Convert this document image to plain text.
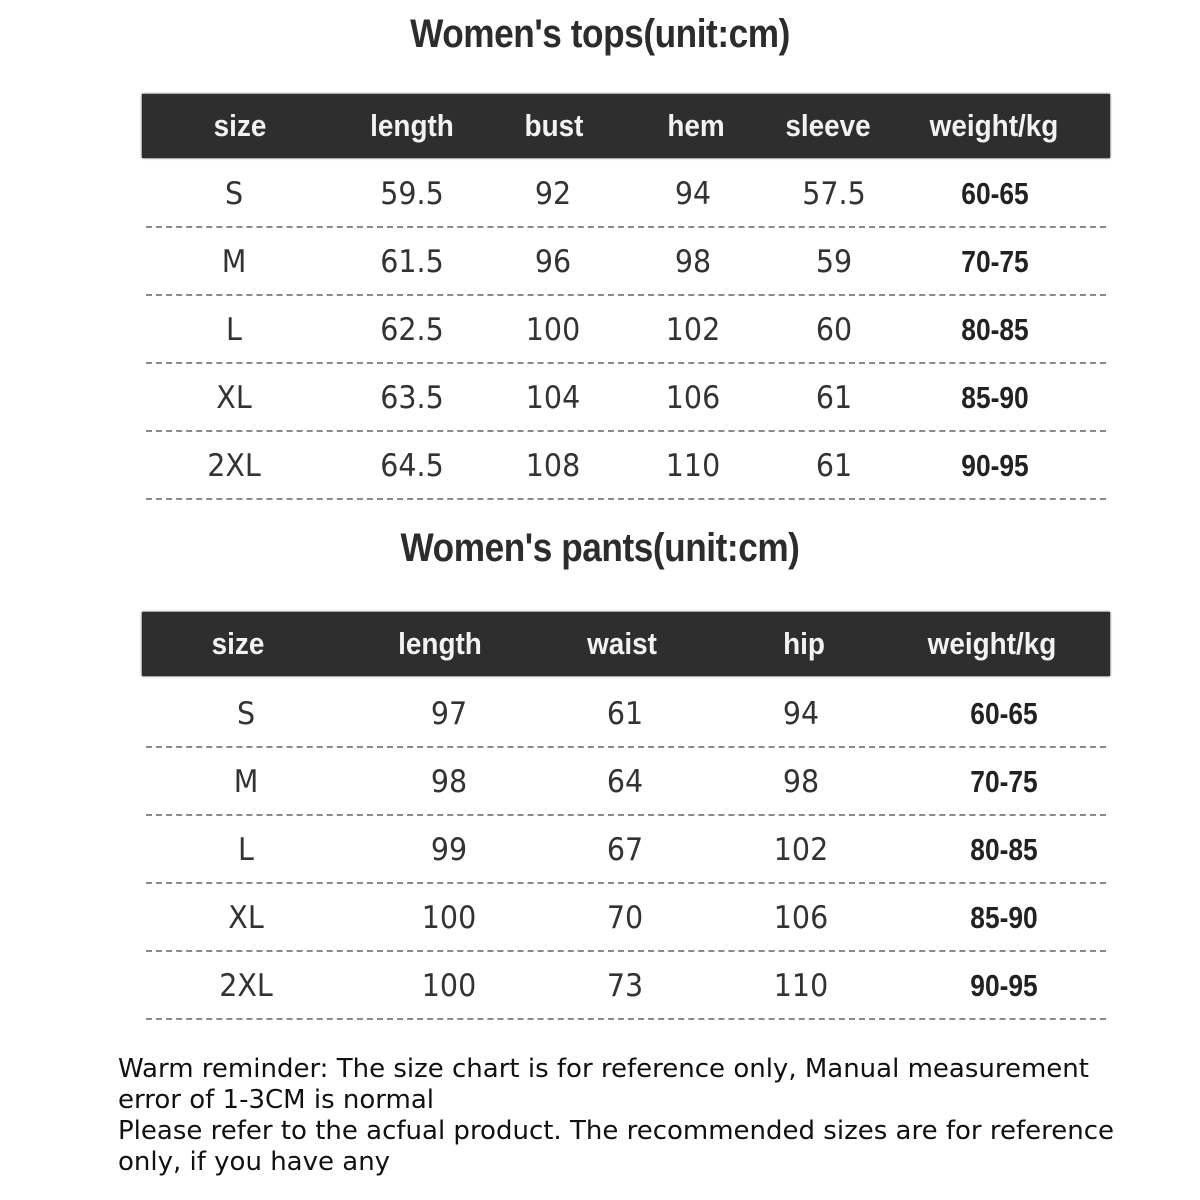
Women's tops(unit:cm)
size	length	bust	hem	sleeve	weight/kg
S	59.5	92	94	57.5	60-65
M	61.5	96	98	59	70-75
L	62.5	100	102	60	80-85
XL	63.5	104	106	61	85-90
2XL	64.5	108	110	61	90-95
Women's pants(unit:cm)
size	length	waist	hip	weight/kg
S	97	61	94	60-65
M	98	64	98	70-75
L	99	67	102	80-85
XL	100	70	106	85-90
2XL	100	73	110	90-95
Warm reminder: The size chart is for reference only, Manual measurement
error of 1-3CM is normal
Please refer to the acfual product. The recommended sizes are for reference
only, if you have any
